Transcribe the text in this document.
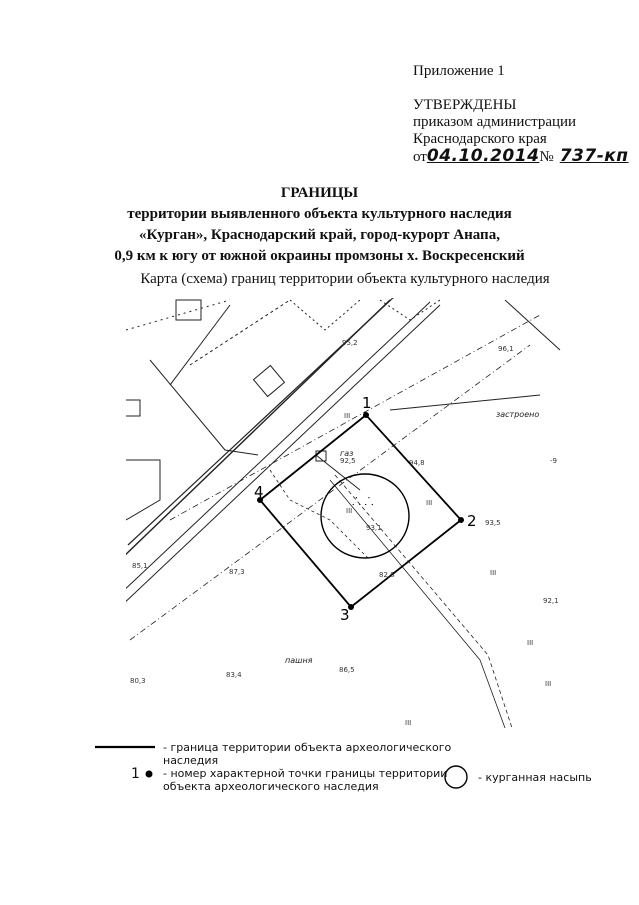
Приложение 1
УТВЕРЖДЕНЫ
приказом администрации
Краснодарского края
от04.10.2014№ 737-кп
ГРАНИЦЫ
территории выявленного объекта культурного наследия
«Курган», Краснодарский край, город-курорт Анапа,
0,9 км к югу от южной окраины промзоны х. Воскресенский
Карта (схема) границ территории объекта культурного наследия
⸫ ⸫
1
2
3
4
застроено
пашня
газ
95,2
96,1
92,5	94,8	-9
93,5
93,1
85,1
87,3	82,6
92,1
86,5
83,4
80,3
III
III
III
III
III
III
III
- граница территории объекта археологического
наследия
1 - номер характерной точки границы территории
объекта археологического наследия
- курганная насыпь
